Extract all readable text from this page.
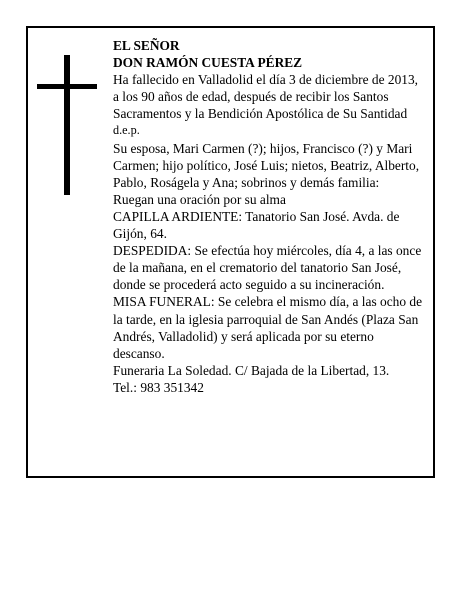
EL SEÑOR

DON RAMÓN CUESTA PÉREZ

Ha fallecido en Valladolid el día 3 de diciembre de 2013, a los 90 años de edad, después de recibir los Santos Sacramentos y la Bendición Apostólica de Su Santidad

d.e.p.

Su esposa, Mari Carmen (?); hijos, Francisco (?) y Mari Carmen; hijo político, José Luis; nietos, Beatriz, Alberto, Pablo, Roságela y Ana; sobrinos y demás familia:

Ruegan una oración por su alma

CAPILLA ARDIENTE: Tanatorio San José. Avda. de Gijón, 64.

DESPEDIDA: Se efectúa hoy miércoles, día 4, a las once de la mañana, en el crematorio del tanatorio San José, donde se procederá acto seguido a su incineración.

MISA FUNERAL: Se celebra el mismo día, a las ocho de la tarde, en la iglesia parroquial de San Andés (Plaza San Andrés, Valladolid) y será aplicada por su eterno descanso.

Funeraria La Soledad. C/ Bajada de la Libertad, 13.

Tel.: 983 351342
